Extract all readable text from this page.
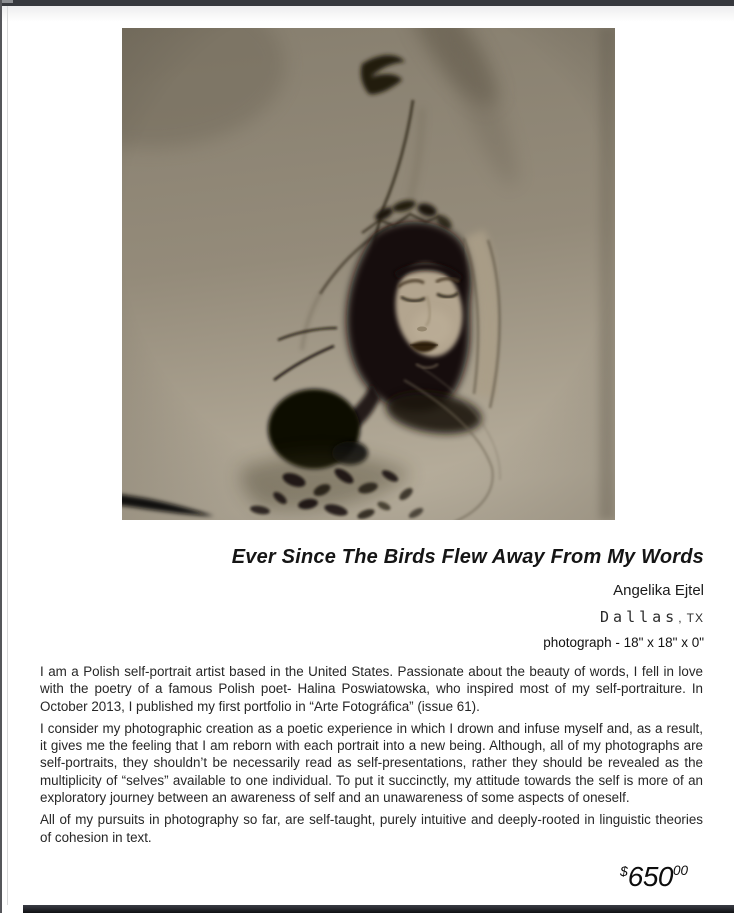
Ever Since The Birds Flew Away From My Words
Angelika Ejtel
Dallas, TX
photograph - 18" x 18" x 0"

I am a Polish self-portrait artist based in the United States. Passionate about the beauty of words, I fell in love with the poetry of a famous Polish poet- Halina Poswiatowska, who inspired most of my self-portraiture. In October 2013, I published my first portfolio in “Arte Fotográfica” (issue 61).

I consider my photographic creation as a poetic experience in which I drown and infuse myself and, as a result, it gives me the feeling that I am reborn with each portrait into a new being. Although, all of my photographs are self-portraits, they shouldn’t be necessarily read as self-presentations, rather they should be revealed as the multiplicity of “selves” available to one individual. To put it succinctly, my attitude towards the self is more of an exploratory journey between an awareness of self and an unawareness of some aspects of oneself.

All of my pursuits in photography so far, are self-taught, purely intuitive and deeply-rooted in linguistic theories of cohesion in text.

$\$650^{00}$
